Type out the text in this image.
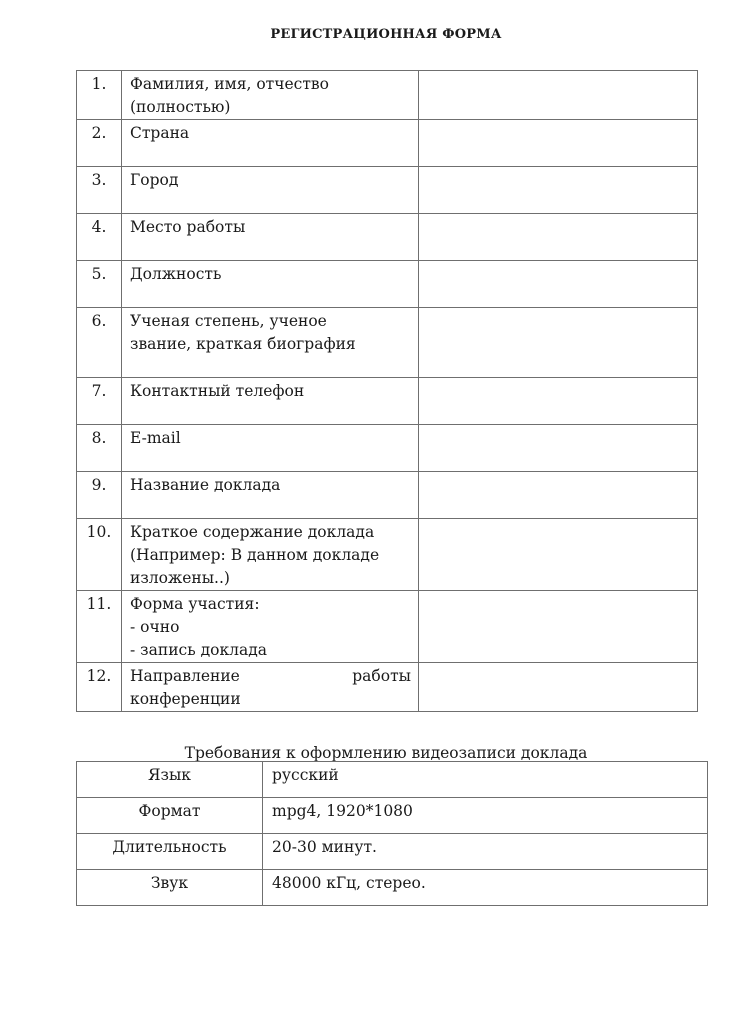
РЕГИСТРАЦИОННАЯ ФОРМА
1.	Фамилия, имя, отчество
(полностью)	
2.	Страна	
3.	Город	
4.	Место работы	
5.	Должность	
6.	Ученая степень, ученое
звание, краткая биография	
7.	Контактный телефон	
8.	E-mail	
9.	Название доклада	
10.	Краткое содержание доклада
(Например: В данном докладе
изложены..)	
11.	Форма участия:
- очно
- запись доклада	
12.	Направление работы
конференции	

Требования к оформлению видеозаписи доклада
Язык	русский
Формат	mpg4, 1920*1080
Длительность	20-30 минут.
Звук	48000 кГц, стерео.
